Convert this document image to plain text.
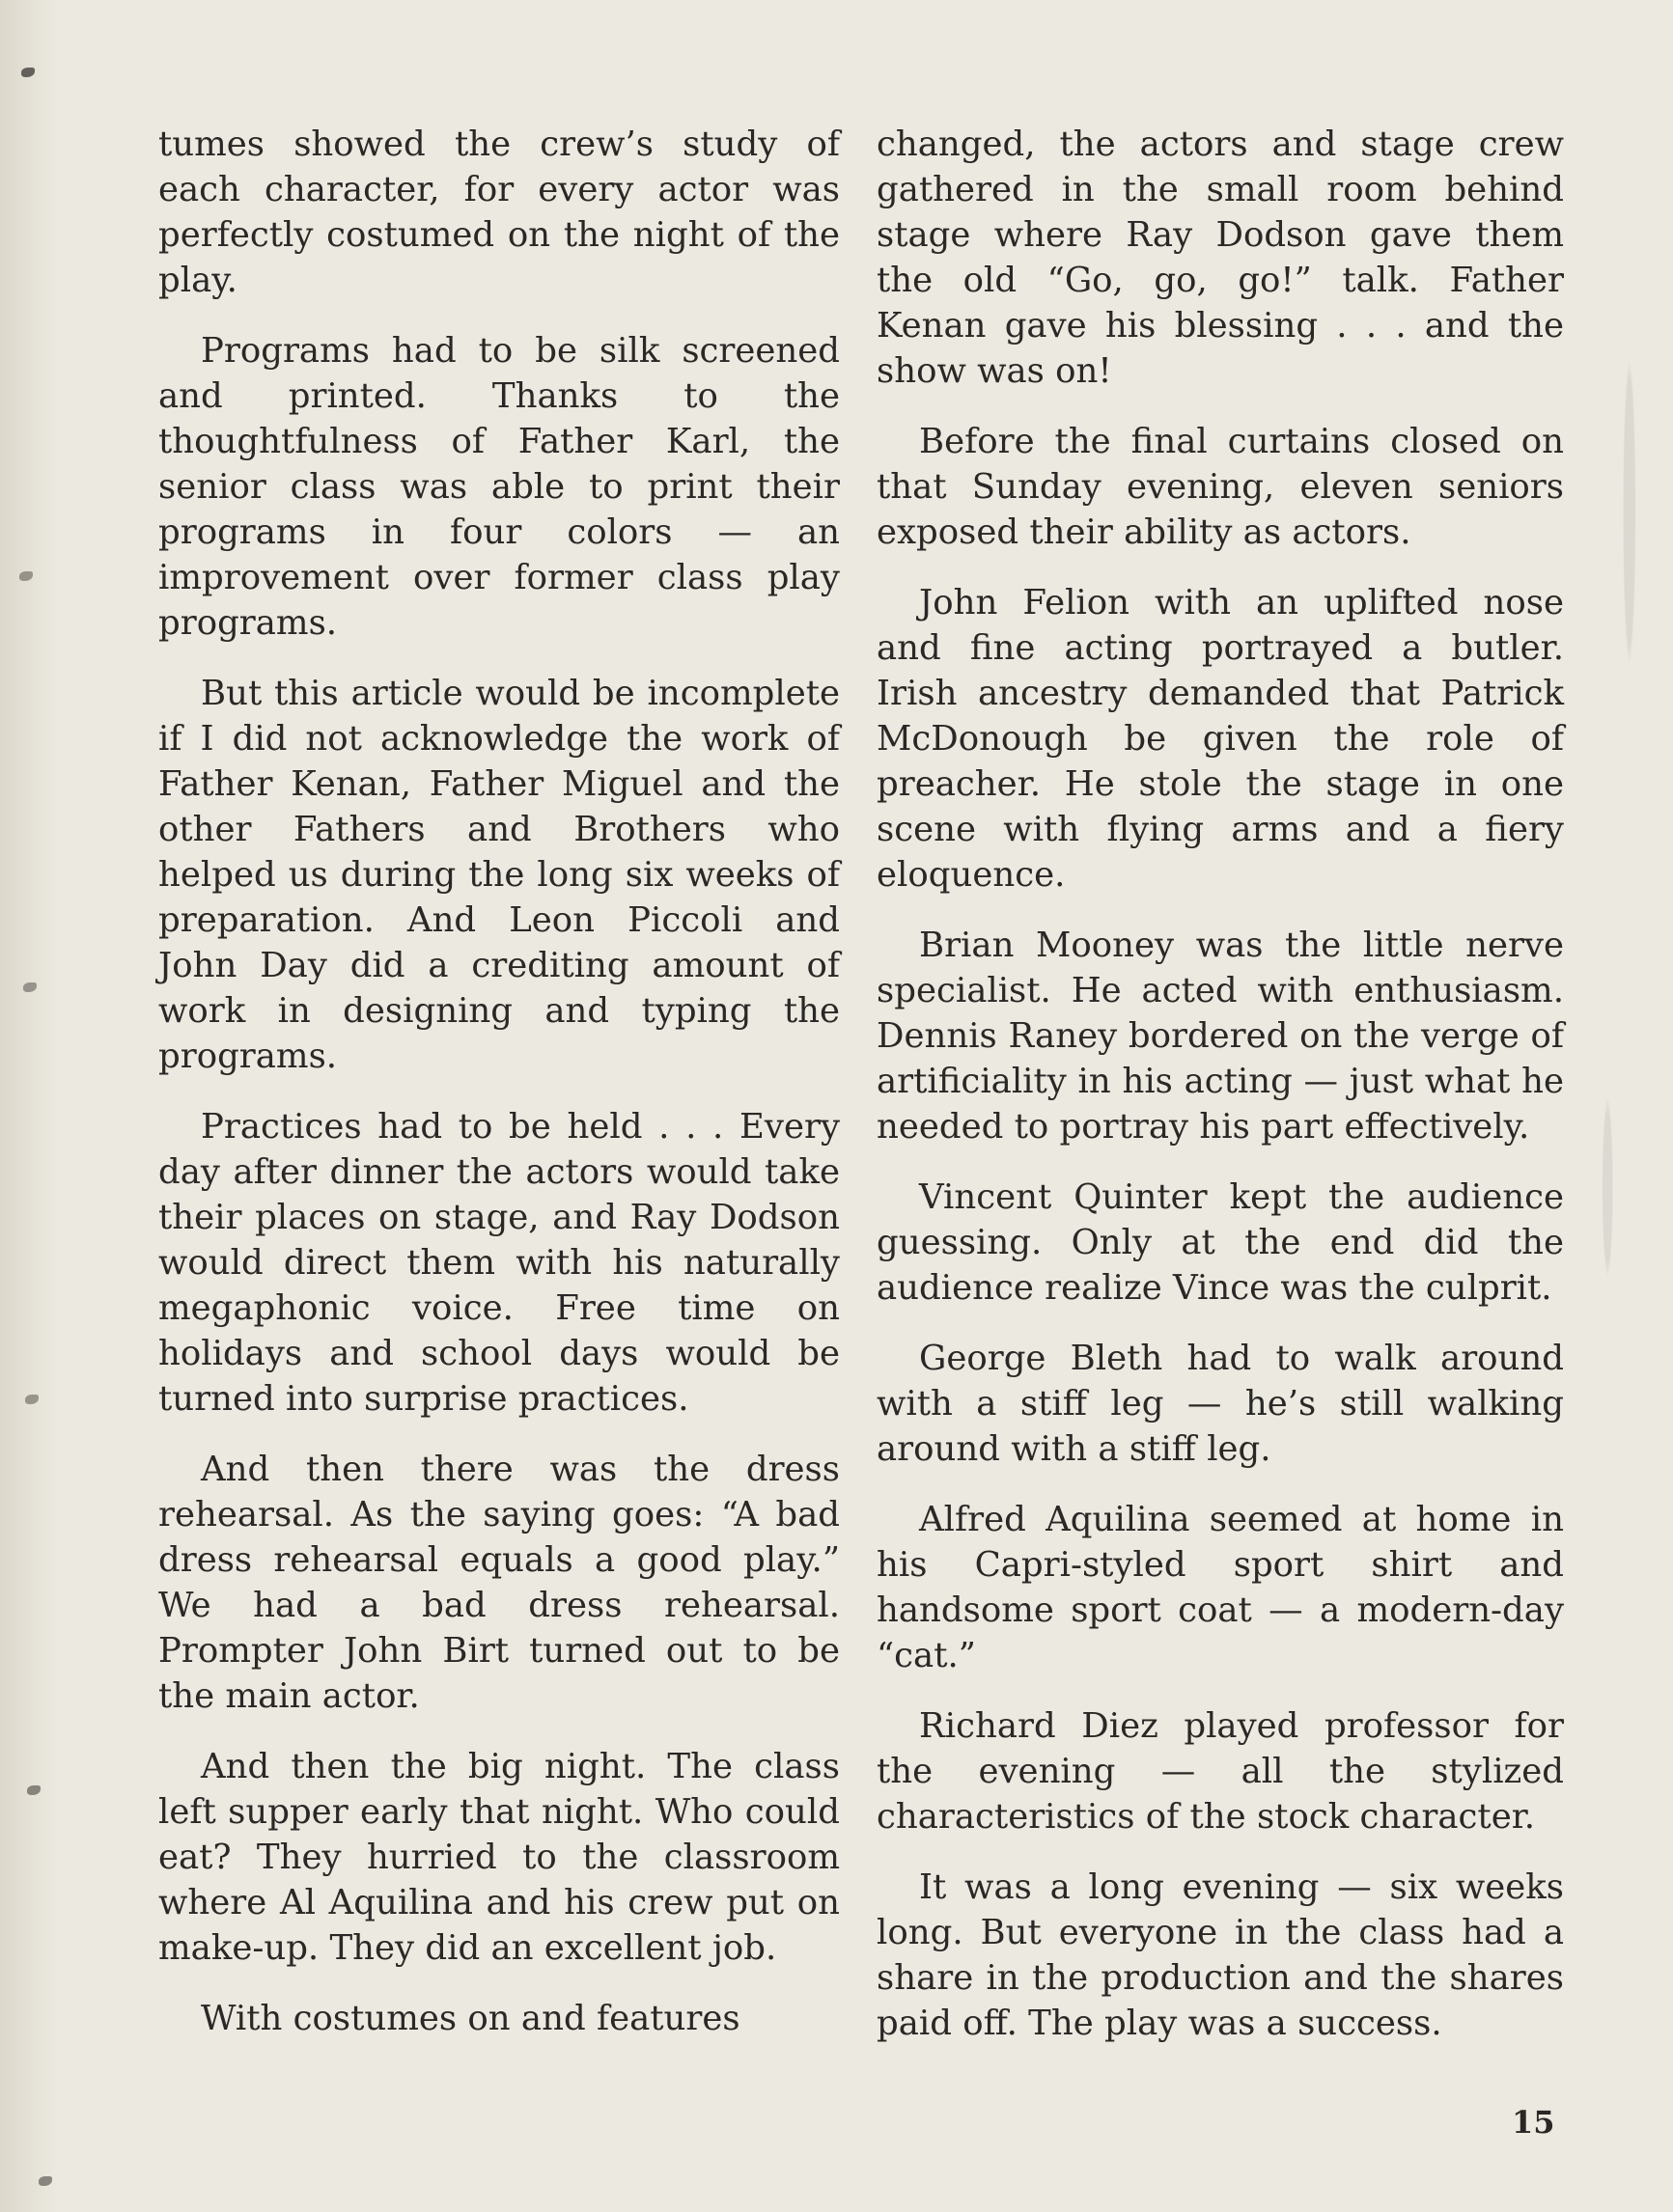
tumes showed the crew’s study of each character, for every actor was perfectly costumed on the night of the play.

Programs had to be silk screened and printed. Thanks to the thoughtfulness of Father Karl, the senior class was able to print their programs in four colors — an improvement over former class play programs.

But this article would be incomplete if I did not acknowledge the work of Father Kenan, Father Miguel and the other Fathers and Brothers who helped us during the long six weeks of preparation. And Leon Piccoli and John Day did a crediting amount of work in designing and typing the programs.

Practices had to be held . . . Every day after dinner the actors would take their places on stage, and Ray Dodson would direct them with his naturally megaphonic voice. Free time on holidays and school days would be turned into surprise practices.

And then there was the dress rehearsal. As the saying goes: “A bad dress rehearsal equals a good play.” We had a bad dress rehearsal. Prompter John Birt turned out to be the main actor.

And then the big night. The class left supper early that night. Who could eat? They hurried to the classroom where Al Aquilina and his crew put on make-up. They did an excellent job.

With costumes on and features

changed, the actors and stage crew gathered in the small room behind stage where Ray Dodson gave them the old “Go, go, go!” talk. Father Kenan gave his blessing . . . and the show was on!

Before the final curtains closed on that Sunday evening, eleven seniors exposed their ability as actors.

John Felion with an uplifted nose and fine acting portrayed a butler. Irish ancestry demanded that Patrick McDonough be given the role of preacher. He stole the stage in one scene with flying arms and a fiery eloquence.

Brian Mooney was the little nerve specialist. He acted with enthusiasm. Dennis Raney bordered on the verge of artificiality in his acting — just what he needed to portray his part effectively.

Vincent Quinter kept the audience guessing. Only at the end did the audience realize Vince was the culprit.

George Bleth had to walk around with a stiff leg — he’s still walking around with a stiff leg.

Alfred Aquilina seemed at home in his Capri-styled sport shirt and handsome sport coat — a modern-day “cat.”

Richard Diez played professor for the evening — all the stylized characteristics of the stock character.

It was a long evening — six weeks long. But everyone in the class had a share in the production and the shares paid off. The play was a success.

15
